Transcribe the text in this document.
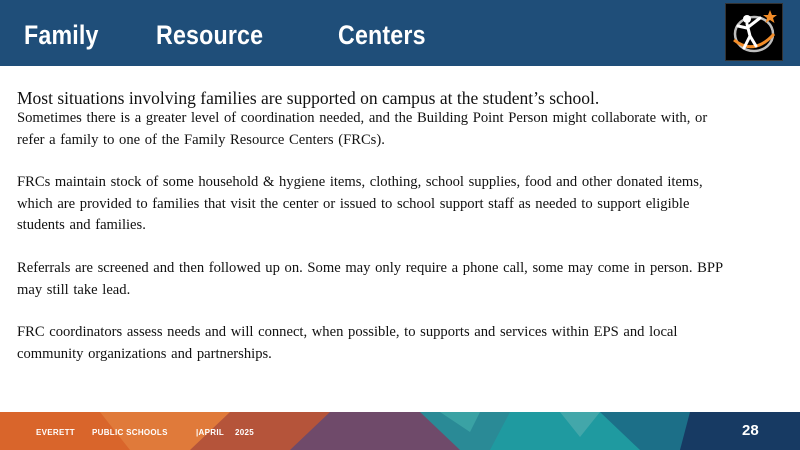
Family Resource	Centers

Most situations involving families are supported on campus at the student’s school.

Sometimes there is a greater level of coordination needed, and the Building Point Person might collaborate with, or refer a family to one of the Family Resource Centers (FRCs).

FRCs maintain stock of some household & hygiene items, clothing, school supplies, food and other donated items, which are provided to families that visit the center or issued to school support staff as needed to support eligible students and families.

Referrals are screened and then followed up on. Some may only require a phone call, some may come in person. BPP may still take lead.

FRC coordinators assess needs and will connect, when possible, to supports and services within EPS and local community organizations and partnerships.

EVERETT PUBLIC SCHOOLS	|APRIL 2025	28
